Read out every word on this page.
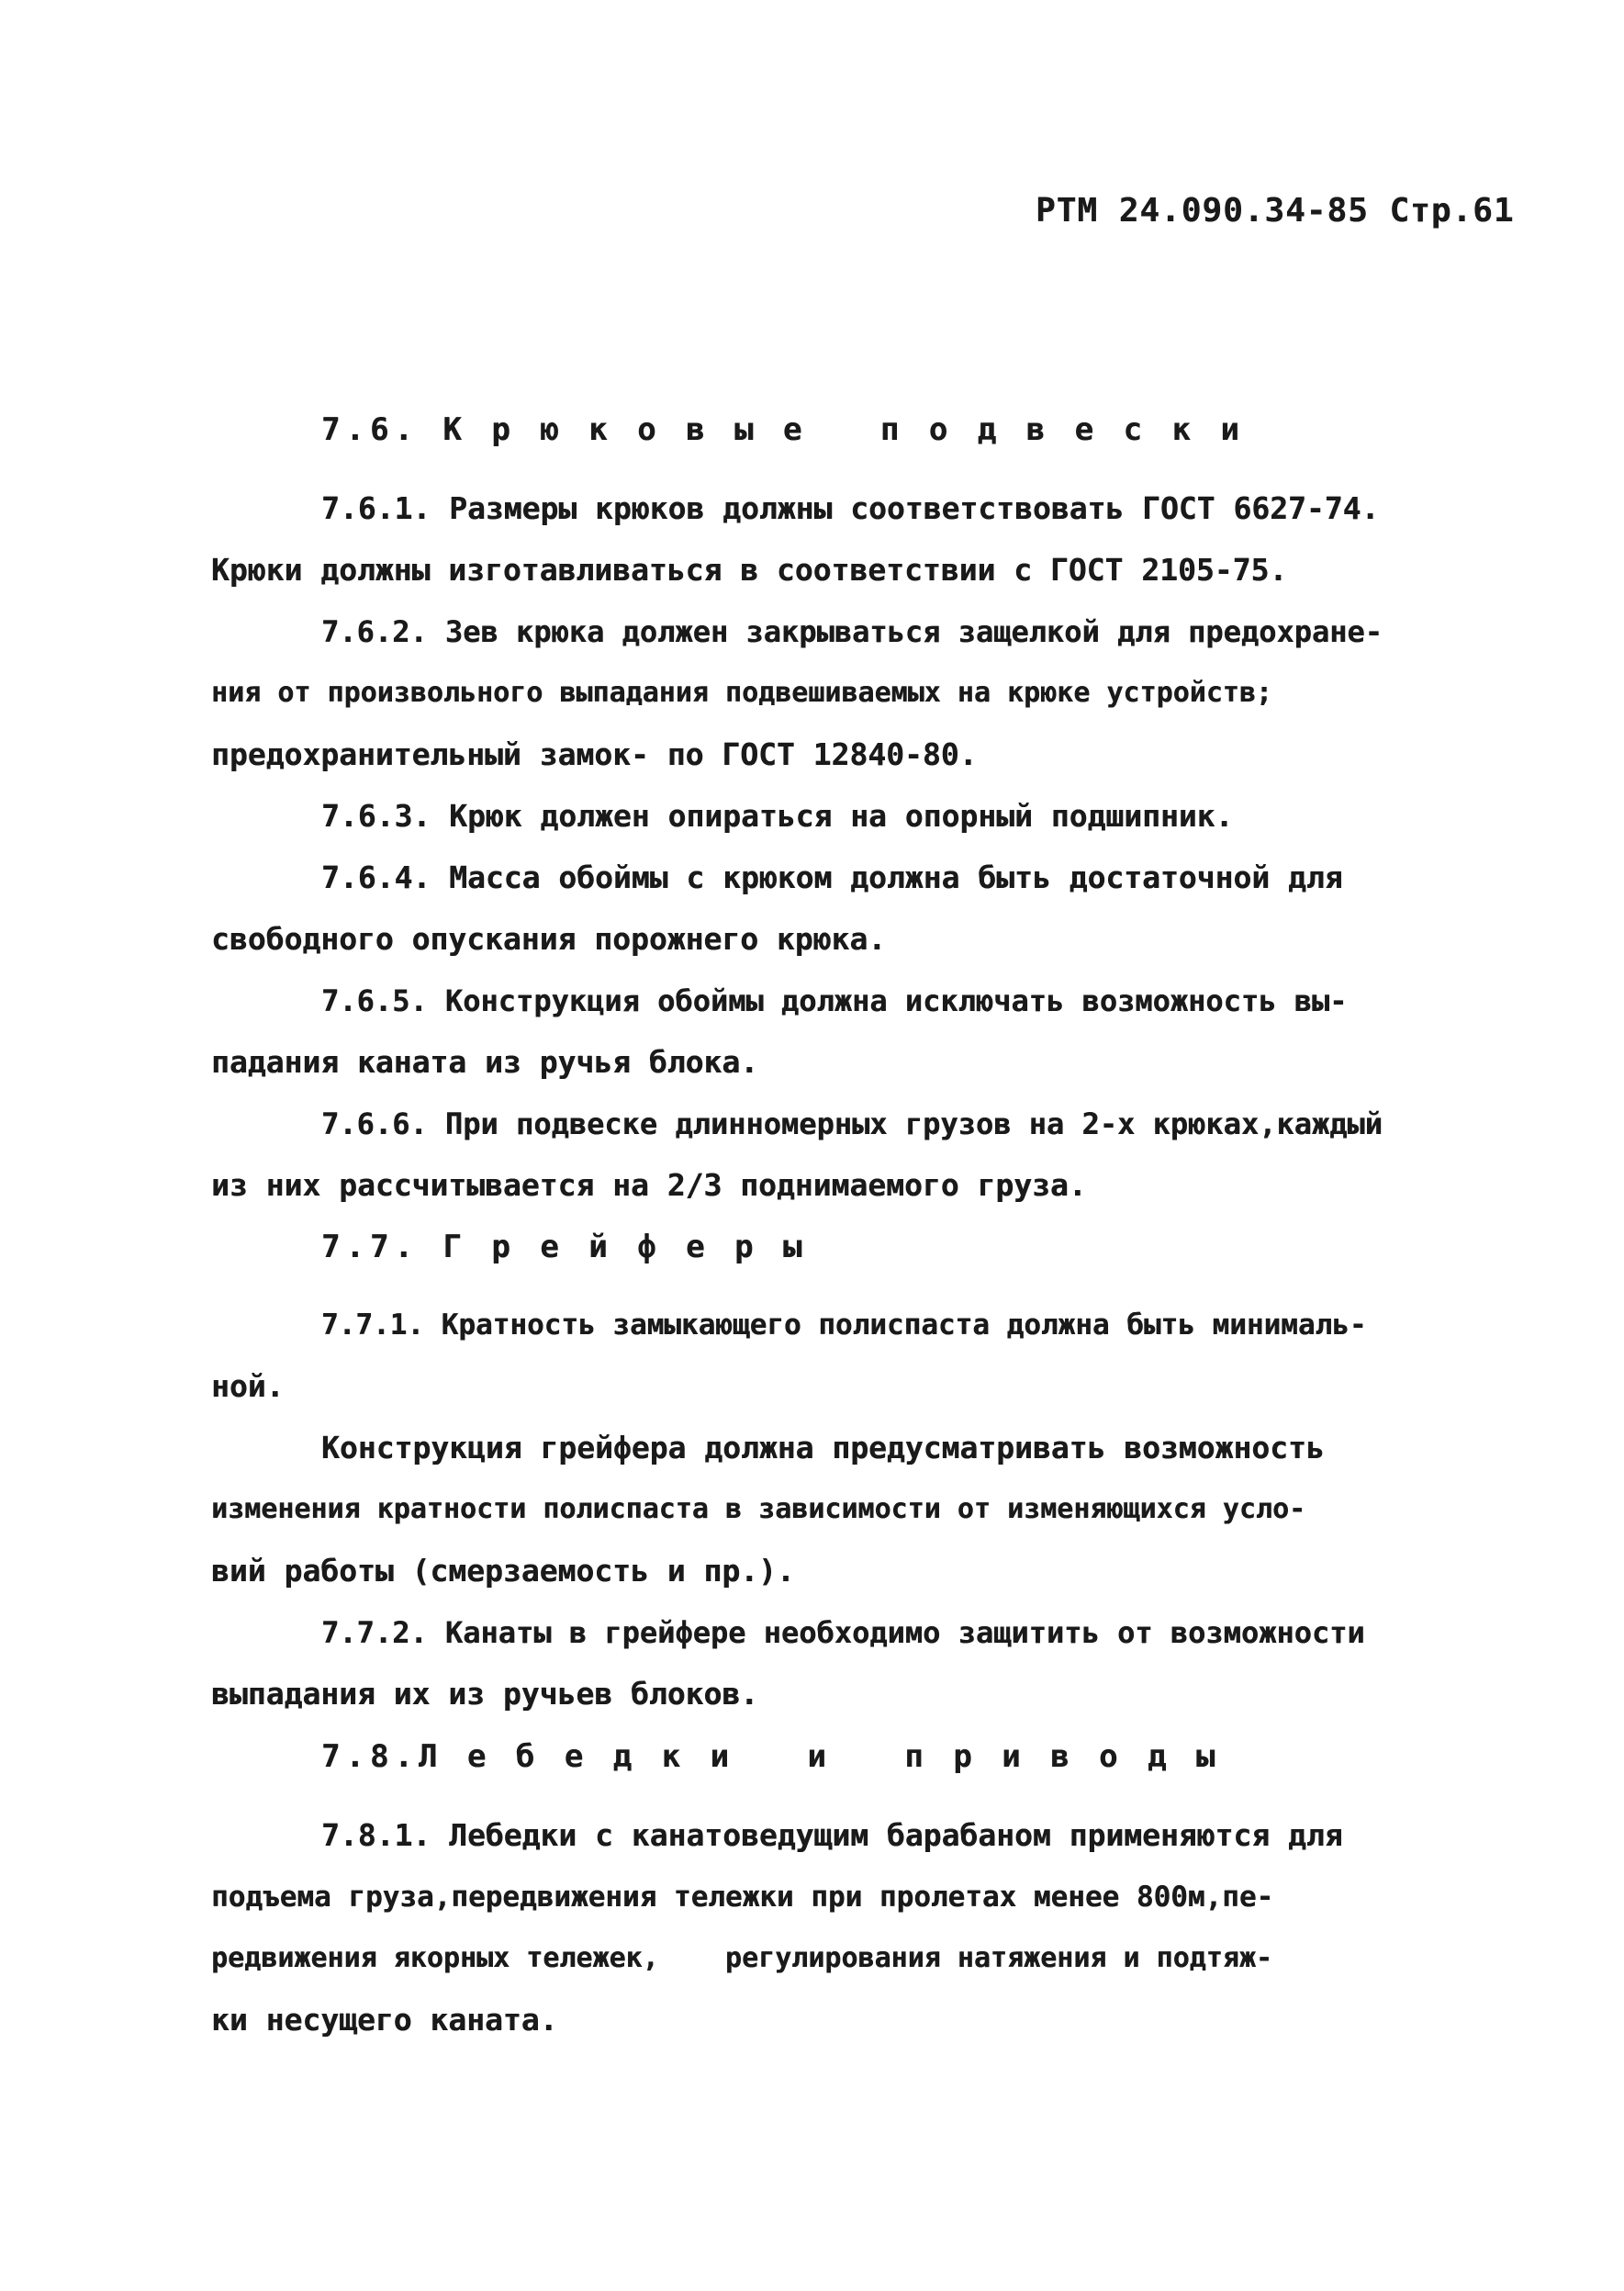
РТМ 24.090.34-85 Стр.61
7.6. К р ю к о в ы е   п о д в е с к и
7.6.1. Размеры крюков должны соответствовать ГОСТ 6627-74.
Крюки должны изготавливаться в соответствии с ГОСТ 2105-75.
7.6.2. Зев крюка должен закрываться защелкой для предохране-
ния от произвольного выпадания подвешиваемых на крюке устройств;
предохранительный замок- по ГОСТ 12840-80.
7.6.3. Крюк должен опираться на опорный подшипник.
7.6.4. Масса обоймы с крюком должна быть достаточной для
свободного опускания порожнего крюка.
7.6.5. Конструкция обоймы должна исключать возможность вы-
падания каната из ручья блока.
7.6.6. При подвеске длинномерных грузов на 2-х крюках,каждый
из них рассчитывается на 2/3 поднимаемого груза.
7.7. Г р е й ф е р ы
7.7.1. Кратность замыкающего полиспаста должна быть минималь-
ной.
Конструкция грейфера должна предусматривать возможность
изменения кратности полиспаста в зависимости от изменяющихся усло-
вий работы (смерзаемость и пр.).
7.7.2. Канаты в грейфере необходимо защитить от возможности
выпадания их из ручьев блоков.
7.8.Л е б е д к и   и   п р и в о д ы
7.8.1. Лебедки с канатоведущим барабаном применяются для
подъема груза,передвижения тележки при пролетах менее 800м,пе-
редвижения якорных тележек,    регулирования натяжения и подтяж-
ки несущего каната.
